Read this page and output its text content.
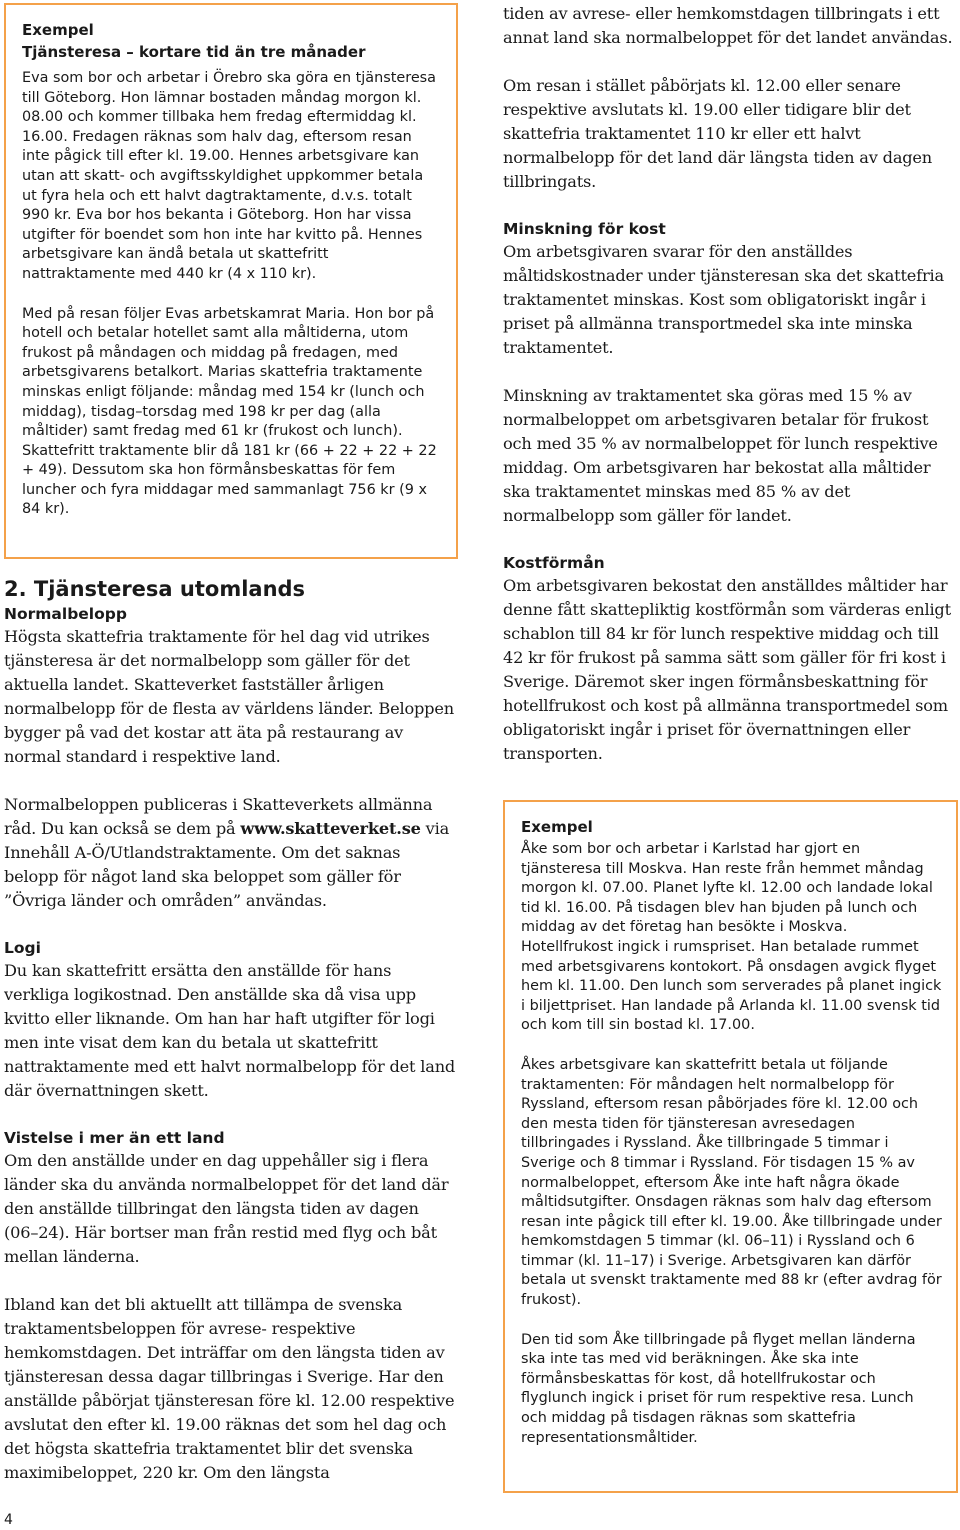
Exempel
Tjänsteresa – kortare tid än tre månader

Eva som bor och arbetar i Örebro ska göra en tjänsteresa till Göteborg. Hon lämnar bostaden måndag morgon kl. 08.00 och kommer tillbaka hem fredag eftermiddag kl. 16.00. Fredagen räknas som halv dag, eftersom resan inte pågick till efter kl. 19.00. Hennes arbetsgivare kan utan att skatt- och avgiftsskyldighet uppkommer betala ut fyra hela och ett halvt dagtraktamente, d.v.s. totalt 990 kr. Eva bor hos bekanta i Göteborg. Hon har vissa utgifter för boendet som hon inte har kvitto på. Hennes arbetsgivare kan ändå betala ut skattefritt nattraktamente med 440 kr (4 x 110 kr).

Med på resan följer Evas arbetskamrat Maria. Hon bor på hotell och betalar hotellet samt alla måltiderna, utom frukost på måndagen och middag på fredagen, med arbetsgivarens betalkort. Marias skattefria traktamente minskas enligt följande: måndag med 154 kr (lunch och middag), tisdag–torsdag med 198 kr per dag (alla måltider) samt fredag med 61 kr (frukost och lunch). Skattefritt traktamente blir då 181 kr (66 + 22 + 22 + 22 + 49). Dessutom ska hon förmånsbeskattas för fem luncher och fyra middagar med sammanlagt 756 kr (9 x 84 kr).

2. Tjänsteresa utomlands
Normalbelopp

Högsta skattefria traktamente för hel dag vid utrikes tjänsteresa är det normalbelopp som gäller för det aktuella landet. Skatteverket fastställer årligen normalbelopp för de flesta av världens länder. Beloppen bygger på vad det kostar att äta på restaurang av normal standard i respektive land.

Normalbeloppen publiceras i Skatteverkets allmänna råd. Du kan också se dem på www.skatteverket.se via Innehåll A-Ö/Utlandstraktamente. Om det saknas belopp för något land ska beloppet som gäller för ”Övriga länder och områden” användas.

Logi

Du kan skattefritt ersätta den anställde för hans verkliga logikostnad. Den anställde ska då visa upp kvitto eller liknande. Om han har haft utgifter för logi men inte visat dem kan du betala ut skattefritt nattraktamente med ett halvt normalbelopp för det land där övernattningen skett.

Vistelse i mer än ett land

Om den anställde under en dag uppehåller sig i flera länder ska du använda normalbeloppet för det land där den anställde tillbringat den längsta tiden av dagen (06–24). Här bortser man från restid med flyg och båt mellan länderna.

Ibland kan det bli aktuellt att tillämpa de svenska traktamentsbeloppen för avrese- respektive hemkomstdagen. Det inträffar om den längsta tiden av tjänsteresan dessa dagar tillbringas i Sverige. Har den anställde påbörjat tjänsteresan före kl. 12.00 respektive avslutat den efter kl. 19.00 räknas det som hel dag och det högsta skattefria traktamentet blir det svenska maximibeloppet, 220 kr. Om den längsta

tiden av avrese- eller hemkomstdagen tillbringats i ett annat land ska normalbeloppet för det landet användas.

Om resan i stället påbörjats kl. 12.00 eller senare respektive avslutats kl. 19.00 eller tidigare blir det skattefria traktamentet 110 kr eller ett halvt normalbelopp för det land där längsta tiden av dagen tillbringats.

Minskning för kost

Om arbetsgivaren svarar för den anställdes måltidskostnader under tjänsteresan ska det skattefria traktamentet minskas. Kost som obligatoriskt ingår i priset på allmänna transportmedel ska inte minska traktamentet.

Minskning av traktamentet ska göras med 15 % av normalbeloppet om arbetsgivaren betalar för frukost och med 35 % av normalbeloppet för lunch respektive middag. Om arbetsgivaren har bekostat alla måltider ska traktamentet minskas med 85 % av det normalbelopp som gäller för landet.

Kostförmån

Om arbetsgivaren bekostat den anställdes måltider har denne fått skattepliktig kostförmån som värderas enligt schablon till 84 kr för lunch respektive middag och till 42 kr för frukost på samma sätt som gäller för fri kost i Sverige. Däremot sker ingen förmånsbeskattning för hotellfrukost och kost på allmänna transportmedel som obligatoriskt ingår i priset för övernattningen eller transporten.

Exempel

Åke som bor och arbetar i Karlstad har gjort en tjänsteresa till Moskva. Han reste från hemmet måndag morgon kl. 07.00. Planet lyfte kl. 12.00 och landade lokal tid kl. 16.00. På tisdagen blev han bjuden på lunch och middag av det företag han besökte i Moskva. Hotellfrukost ingick i rumspriset. Han betalade rummet med arbetsgivarens kontokort. På onsdagen avgick flyget hem kl. 11.00. Den lunch som serverades på planet ingick i biljettpriset. Han landade på Arlanda kl. 11.00 svensk tid och kom till sin bostad kl. 17.00.

Åkes arbetsgivare kan skattefritt betala ut följande traktamenten: För måndagen helt normalbelopp för Ryssland, eftersom resan påbörjades före kl. 12.00 och den mesta tiden för tjänsteresan avresedagen tillbringades i Ryssland. Åke tillbringade 5 timmar i Sverige och 8 timmar i Ryssland. För tisdagen 15 % av normalbeloppet, eftersom Åke inte haft några ökade måltidsutgifter. Onsdagen räknas som halv dag eftersom resan inte pågick till efter kl. 19.00. Åke tillbringade under hemkomstdagen 5 timmar (kl. 06–11) i Ryssland och 6 timmar (kl. 11–17) i Sverige. Arbetsgivaren kan därför betala ut svenskt traktamente med 88 kr (efter avdrag för frukost).

Den tid som Åke tillbringade på flyget mellan länderna ska inte tas med vid beräkningen. Åke ska inte förmånsbeskattas för kost, då hotellfrukostar och flyglunch ingick i priset för rum respektive resa. Lunch och middag på tisdagen räknas som skattefria representationsmåltider.

4
